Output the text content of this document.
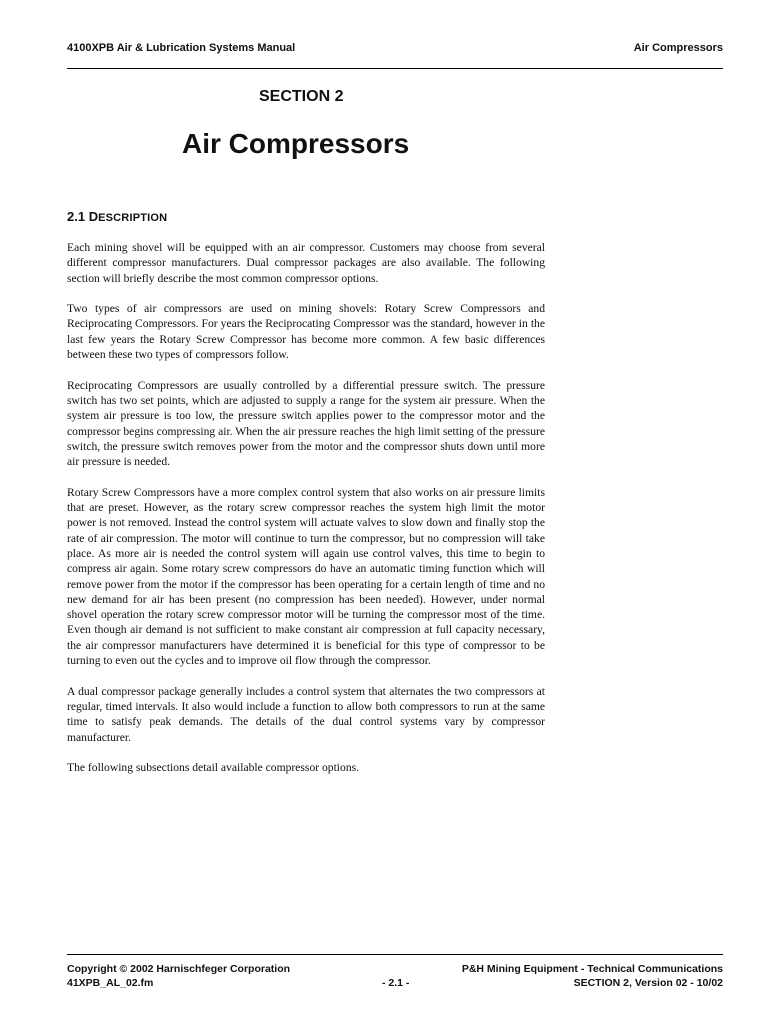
4100XPB Air & Lubrication Systems Manual	Air Compressors
SECTION 2
Air Compressors
2.1 DESCRIPTION

Each mining shovel will be equipped with an air compressor. Customers may choose from several different compressor manufacturers. Dual compressor packages are also available. The following section will briefly describe the most common compressor options.

Two types of air compressors are used on mining shovels: Rotary Screw Compressors and Reciprocating Compressors. For years the Reciprocating Compressor was the standard, however in the last few years the Rotary Screw Compressor has become more common. A few basic differences between these two types of compressors follow.

Reciprocating Compressors are usually controlled by a differential pressure switch. The pressure switch has two set points, which are adjusted to supply a range for the system air pressure. When the system air pressure is too low, the pressure switch applies power to the compressor motor and the compressor begins compressing air. When the air pressure reaches the high limit setting of the pressure switch, the pressure switch removes power from the motor and the compressor shuts down until more air pressure is needed.

Rotary Screw Compressors have a more complex control system that also works on air pressure limits that are preset. However, as the rotary screw compressor reaches the system high limit the motor power is not removed. Instead the control system will actuate valves to slow down and finally stop the rate of air compression. The motor will continue to turn the compressor, but no compression will take place. As more air is needed the control system will again use control valves, this time to begin to compress air again. Some rotary screw compressors do have an automatic timing function which will remove power from the motor if the compressor has been operating for a certain length of time and no new demand for air has been present (no compression has been needed). However, under normal shovel operation the rotary screw compressor motor will be turning the compressor most of the time. Even though air demand is not sufficient to make constant air compression at full capacity necessary, the air compressor manufacturers have determined it is beneficial for this type of compressor to be turning to even out the cycles and to improve oil flow through the compressor.

A dual compressor package generally includes a control system that alternates the two compressors at regular, timed intervals. It also would include a function to allow both compressors to run at the same time to satisfy peak demands. The details of the dual control systems vary by compressor manufacturer.

The following subsections detail available compressor options.

Copyright © 2002 Harnischfeger Corporation	P&H Mining Equipment - Technical Communications
41XPB_AL_02.fm	- 2.1 -	SECTION 2, Version 02 - 10/02
